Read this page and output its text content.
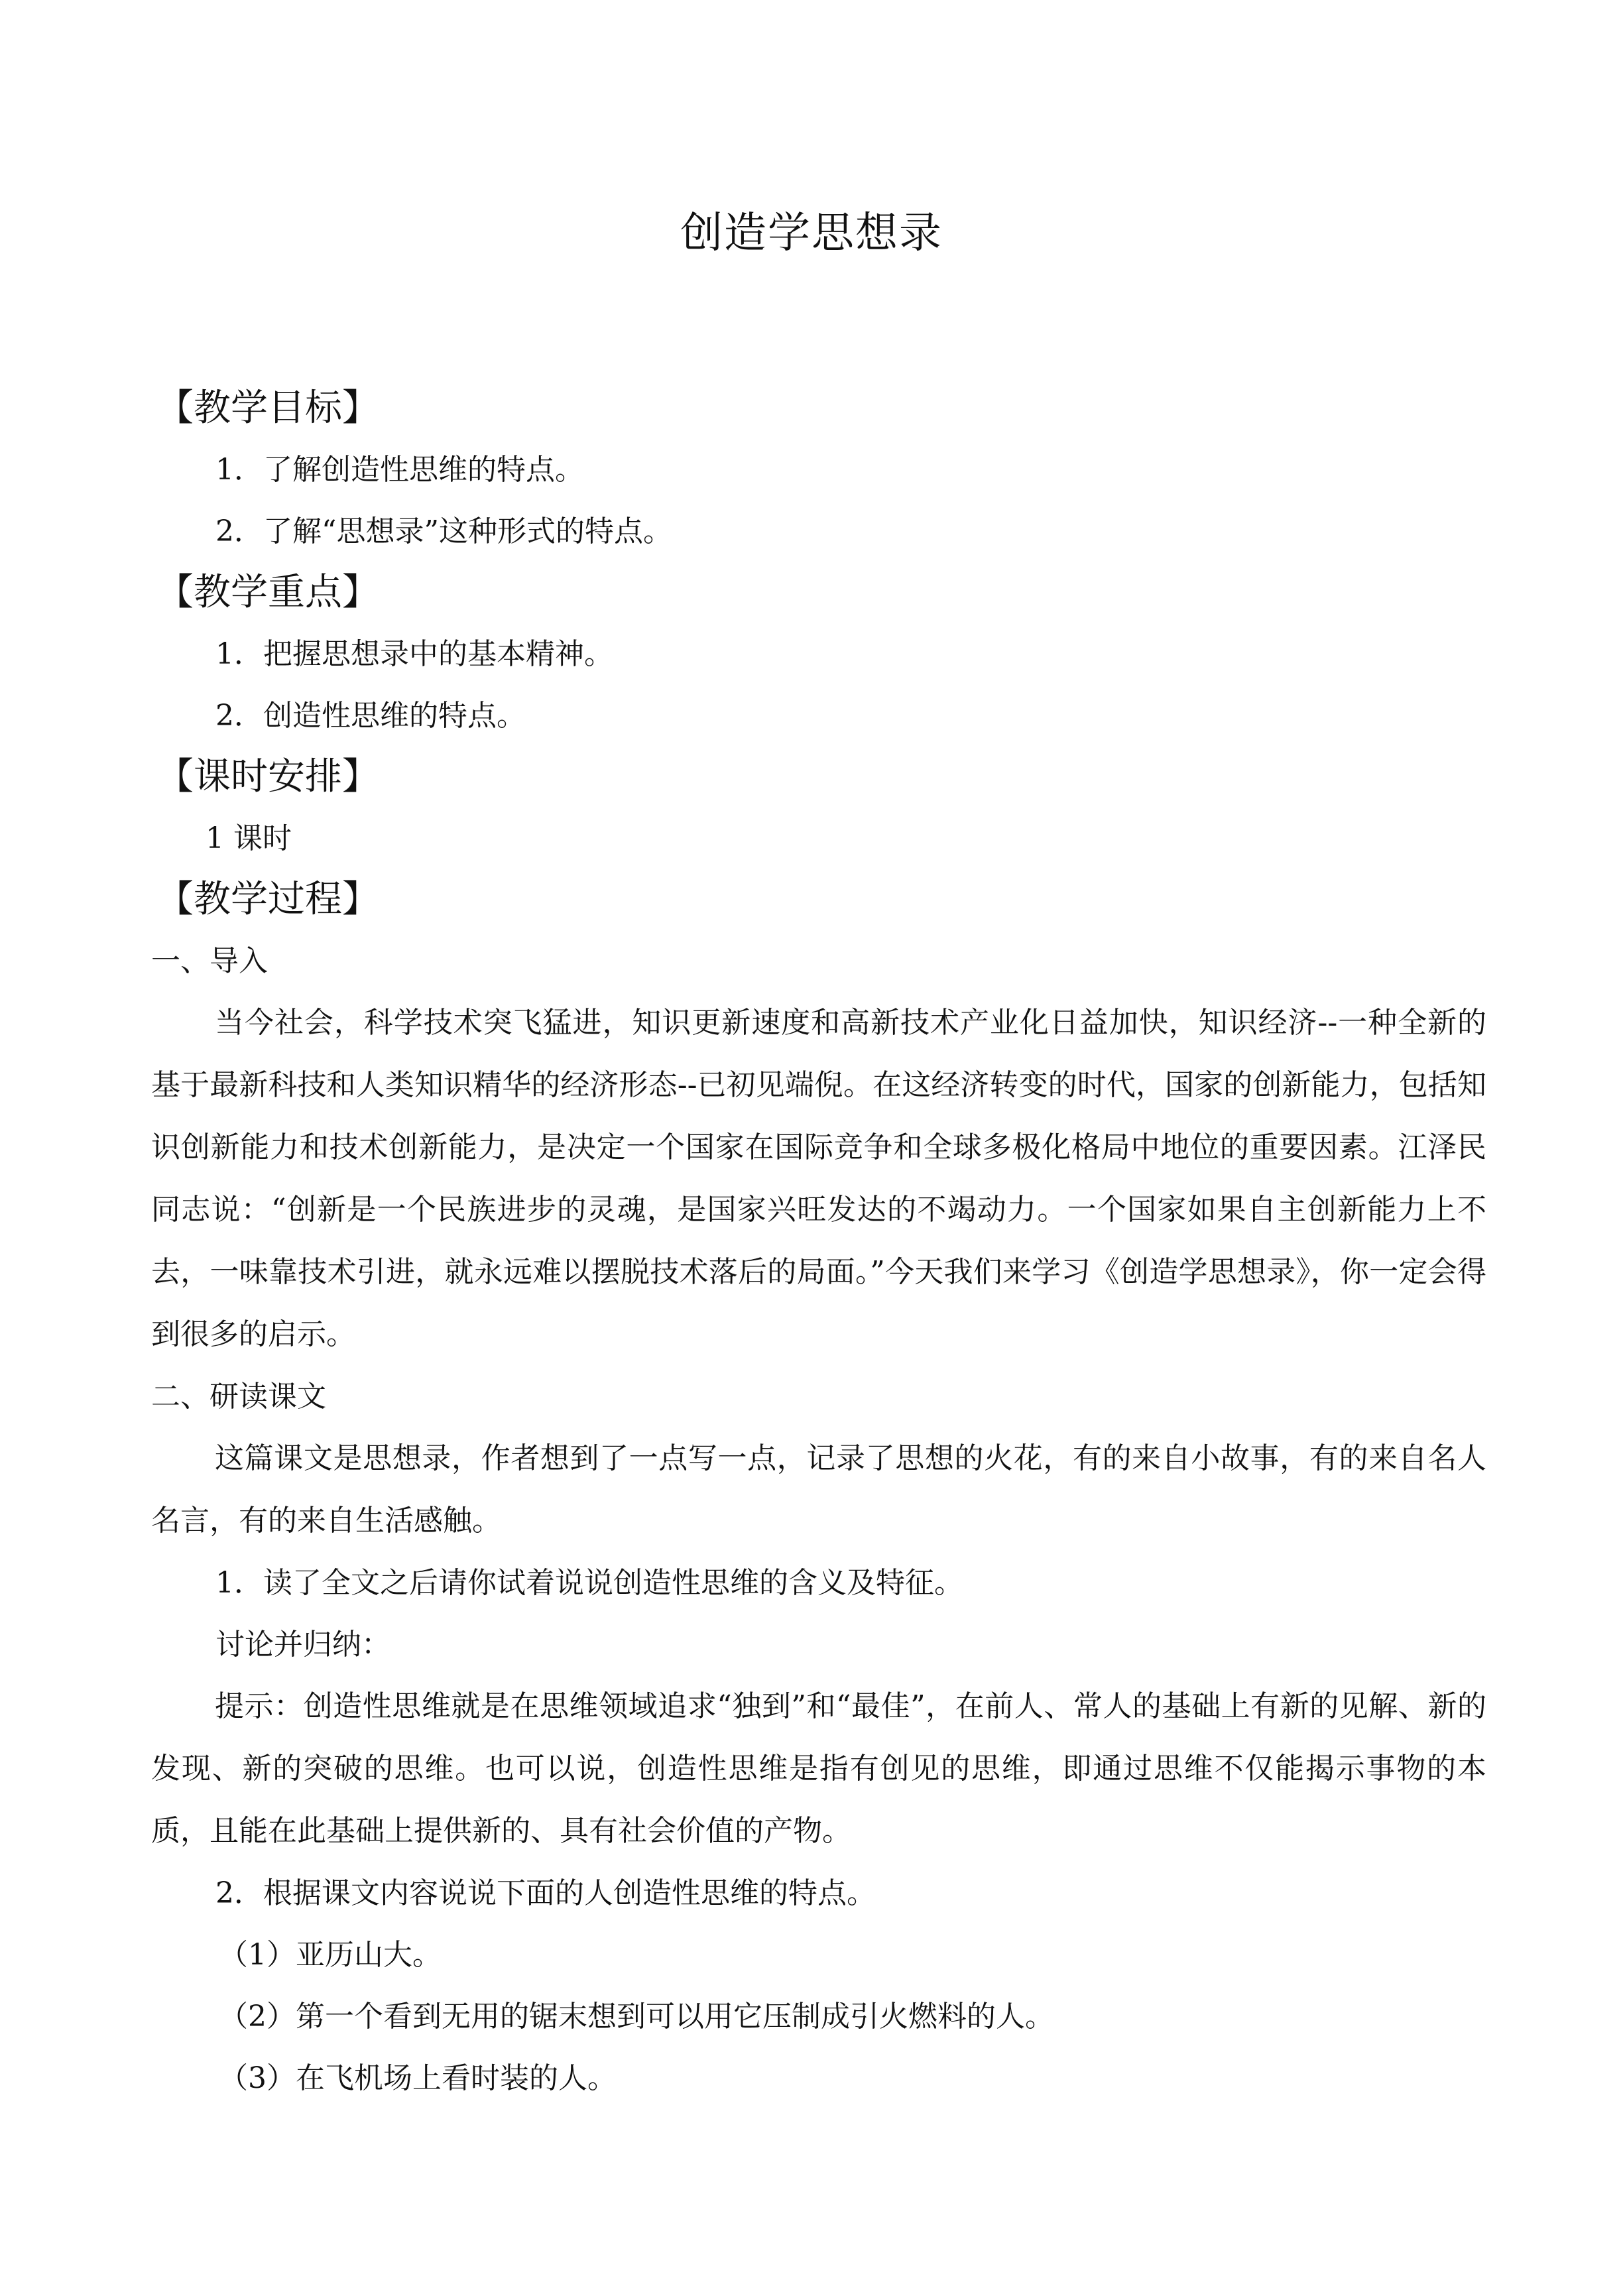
创造学思想录
【教学目标】

1．了解创造性思维的特点。

2．了解“思想录”这种形式的特点。

【教学重点】

1．把握思想录中的基本精神。

2．创造性思维的特点。

【课时安排】

1 课时

【教学过程】

一、导入

当今社会，科学技术突飞猛进，知识更新速度和高新技术产业化日益加快，知识经济--一种全新的基于最新科技和人类知识精华的经济形态--已初见端倪。在这经济转变的时代，国家的创新能力，包括知识创新能力和技术创新能力，是决定一个国家在国际竞争和全球多极化格局中地位的重要因素。江泽民同志说：“创新是一个民族进步的灵魂，是国家兴旺发达的不竭动力。一个国家如果自主创新能力上不去，一味靠技术引进，就永远难以摆脱技术落后的局面。”今天我们来学习《创造学思想录》，你一定会得到很多的启示。

二、研读课文

这篇课文是思想录，作者想到了一点写一点，记录了思想的火花，有的来自小故事，有的来自名人名言，有的来自生活感触。

1．读了全文之后请你试着说说创造性思维的含义及特征。

讨论并归纳：

提示：创造性思维就是在思维领域追求“独到”和“最佳”，在前人、常人的基础上有新的见解、新的发现、新的突破的思维。也可以说，创造性思维是指有创见的思维，即通过思维不仅能揭示事物的本质，且能在此基础上提供新的、具有社会价值的产物。

2．根据课文内容说说下面的人创造性思维的特点。

（1）亚历山大。

（2）第一个看到无用的锯末想到可以用它压制成引火燃料的人。

（3）在飞机场上看时装的人。
